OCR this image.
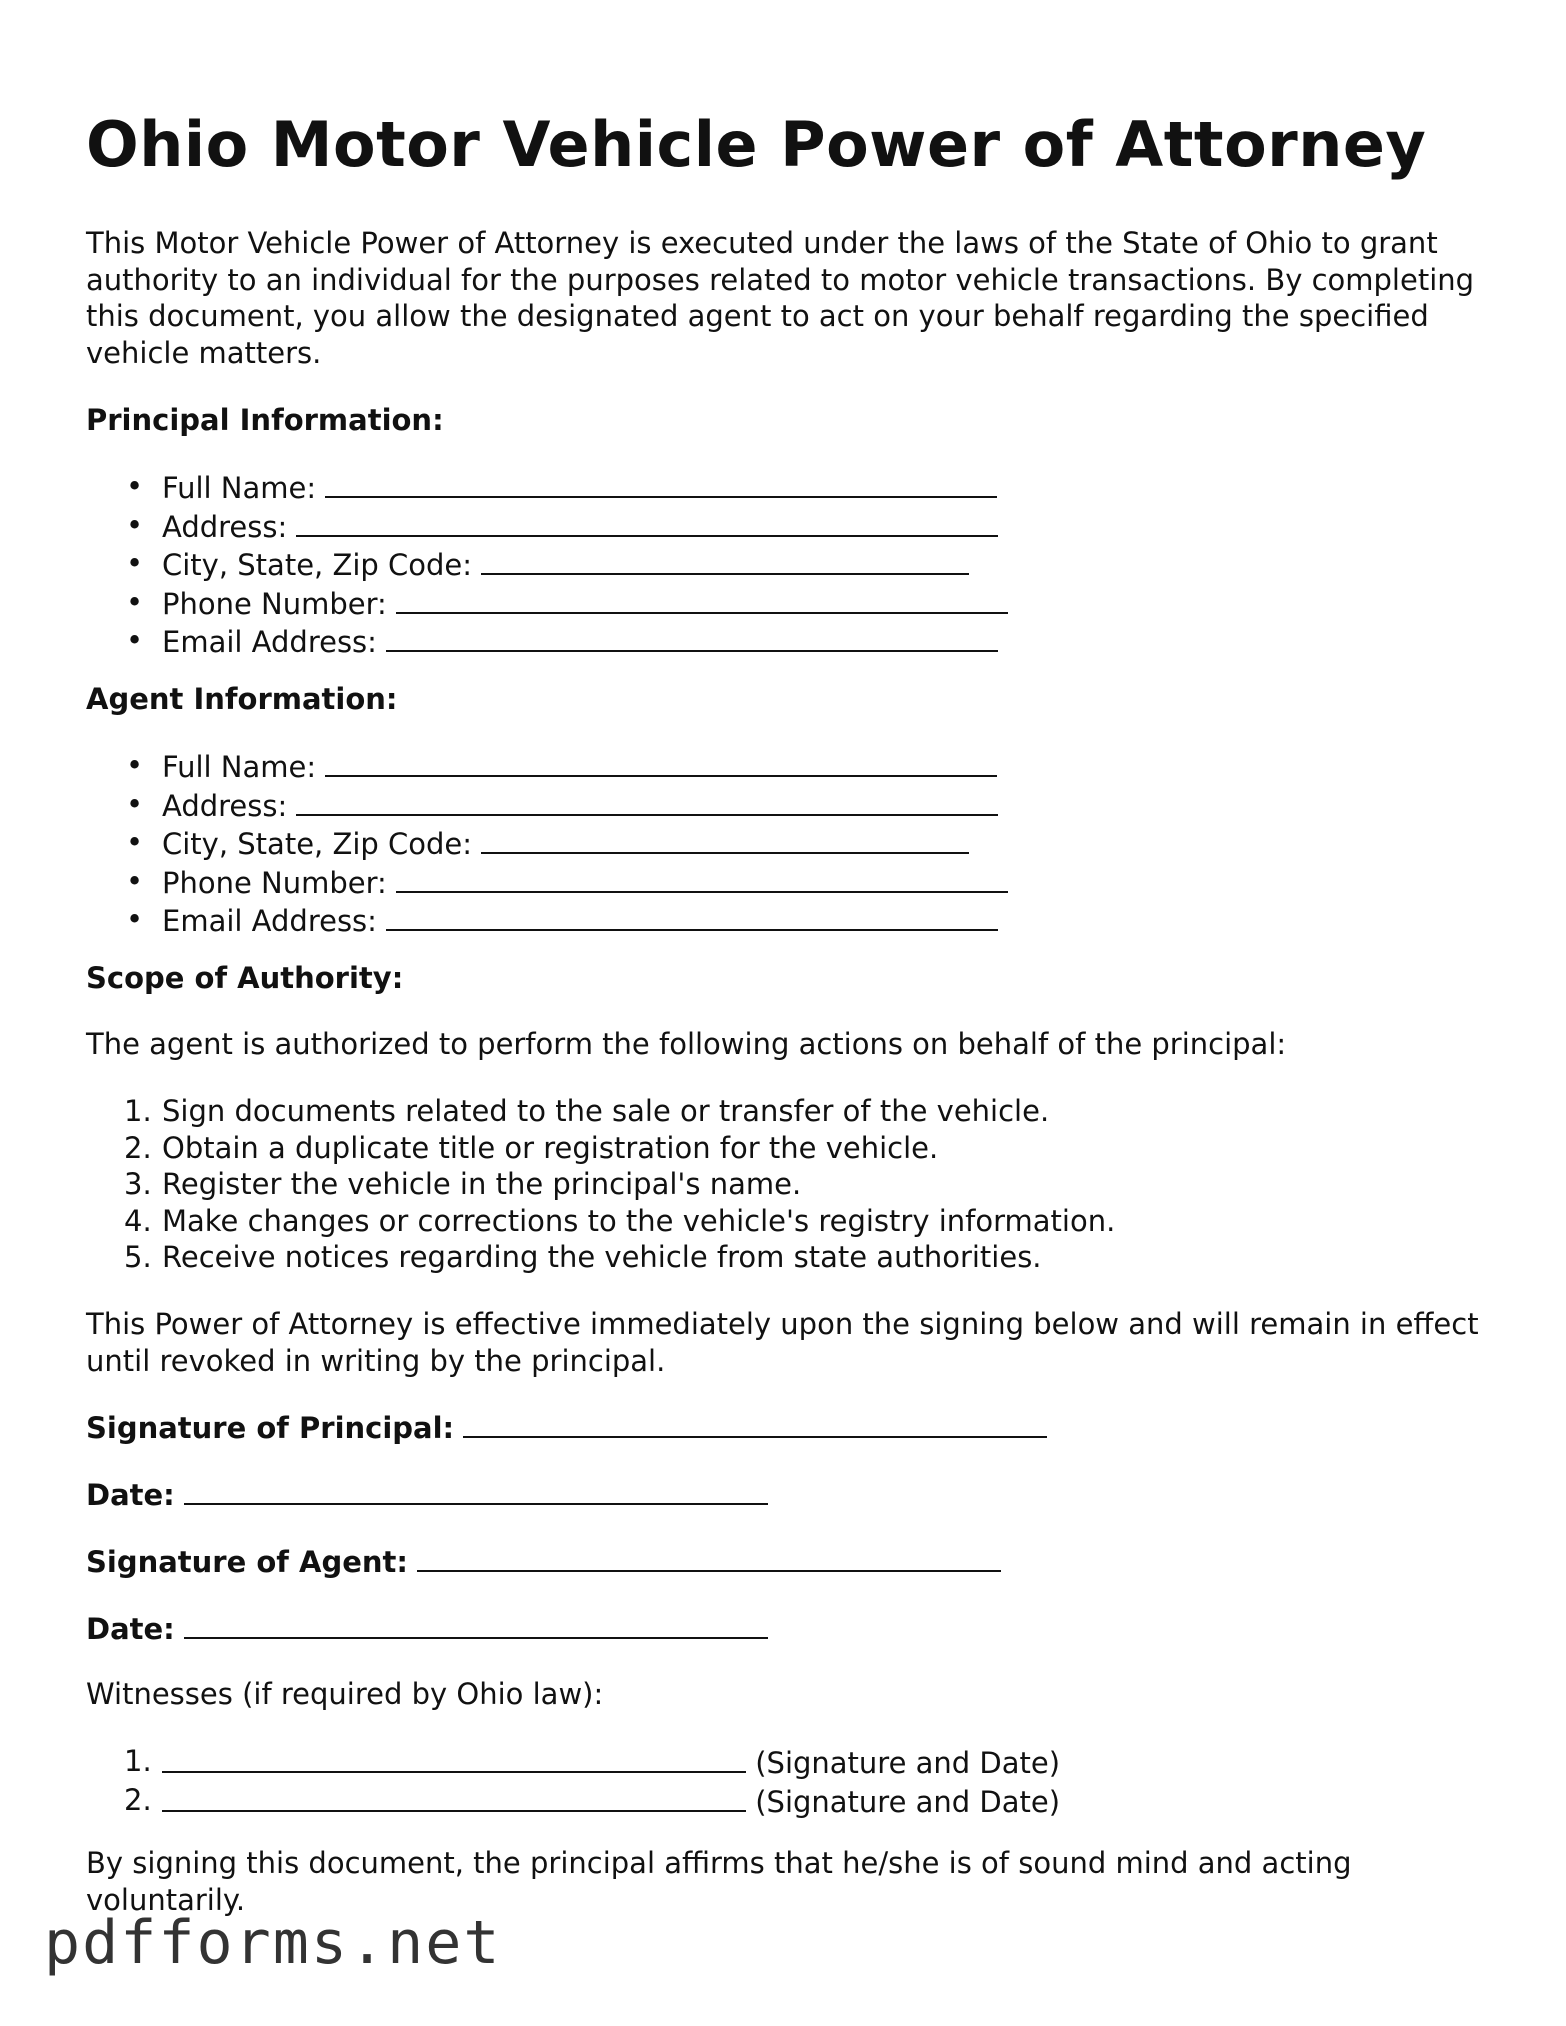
Ohio Motor Vehicle Power of Attorney

This Motor Vehicle Power of Attorney is executed under the laws of the State of Ohio to grant authority to an individual for the purposes related to motor vehicle transactions. By completing this document, you allow the designated agent to act on your behalf regarding the specified vehicle matters.

Principal Information:
• Full Name:
• Address:
• City, State, Zip Code:
• Phone Number:
• Email Address:
Agent Information:
• Full Name:
• Address:
• City, State, Zip Code:
• Phone Number:
• Email Address:
Scope of Authority:

The agent is authorized to perform the following actions on behalf of the principal:

1. Sign documents related to the sale or transfer of the vehicle.
2. Obtain a duplicate title or registration for the vehicle.
3. Register the vehicle in the principal's name.
4. Make changes or corrections to the vehicle's registry information.
5. Receive notices regarding the vehicle from state authorities.

This Power of Attorney is effective immediately upon the signing below and will remain in effect until revoked in writing by the principal.

Signature of Principal:
Date:
Signature of Agent:
Date:

Witnesses (if required by Ohio law):

1.	(Signature and Date)
2.	(Signature and Date)

By signing this document, the principal affirms that he/she is of sound mind and acting voluntarily.

pdfforms.net
